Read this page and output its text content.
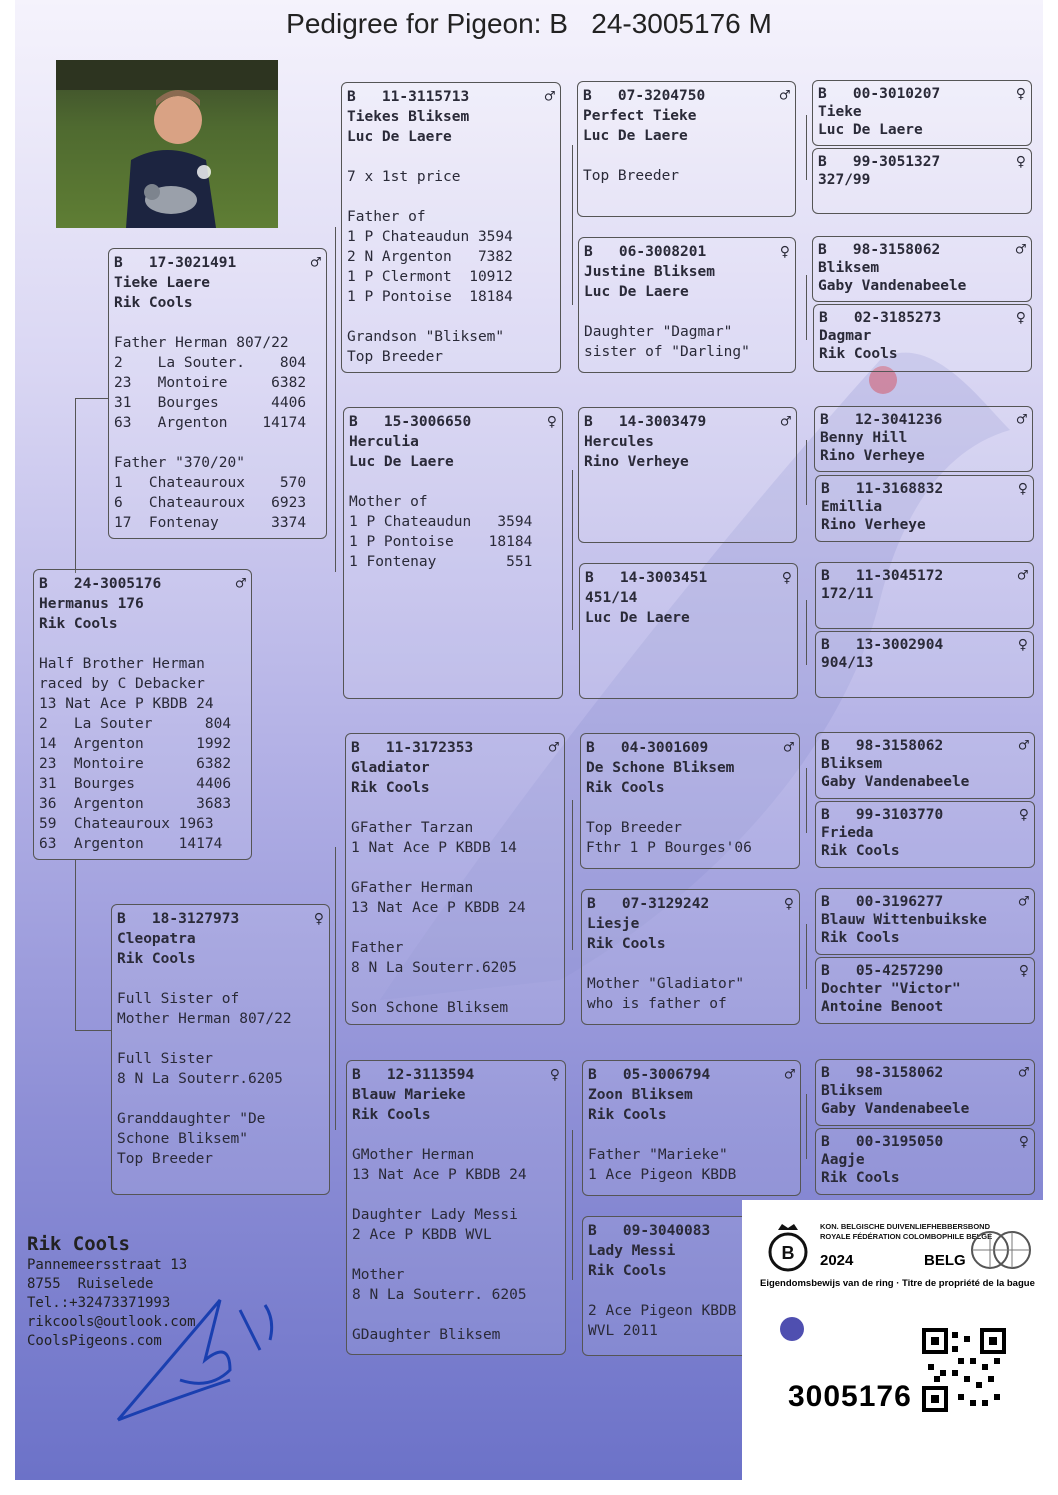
Pedigree for Pigeon: B   24-3005176 M
B   24-3005176	♂
Hermanus 176
Rik Cools
Half Brother Herman
raced by C Debacker
13 Nat Ace P KBDB 24
2   La Souter      804
14  Argenton      1992
23  Montoire      6382
31  Bourges       4406
36  Argenton      3683
59  Chateauroux 1963
63  Argenton    14174
B   17-3021491	♂
Tieke Laere
Rik Cools
Father Herman 807/22
2    La Souter.    804
23   Montoire     6382
31   Bourges      4406
63   Argenton    14174
Father "370/20"
1   Chateauroux    570
6   Chateauroux   6923
17  Fontenay      3374
B   18-3127973	♀
Cleopatra
Rik Cools
Full Sister of
Mother Herman 807/22
Full Sister
8 N La Souterr.6205
Granddaughter "De
Schone Bliksem"
Top Breeder
B   11-3115713	♂
Tiekes Bliksem
Luc De Laere
7 x 1st price
Father of
1 P Chateaudun 3594
2 N Argenton   7382
1 P Clermont  10912
1 P Pontoise  18184
Grandson "Bliksem"
Top Breeder
B   15-3006650	♀
Herculia
Luc De Laere
Mother of
1 P Chateaudun   3594
1 P Pontoise    18184
1 Fontenay        551
B   11-3172353	♂
Gladiator
Rik Cools
GFather Tarzan
1 Nat Ace P KBDB 14
GFather Herman
13 Nat Ace P KBDB 24
Father
8 N La Souterr.6205
Son Schone Bliksem
B   12-3113594	♀
Blauw Marieke
Rik Cools
GMother Herman
13 Nat Ace P KBDB 24
Daughter Lady Messi
2 Ace P KBDB WVL
Mother
8 N La Souterr. 6205
GDaughter Bliksem
B   07-3204750	♂
Perfect Tieke
Luc De Laere
Top Breeder
B   06-3008201	♀
Justine Bliksem
Luc De Laere
Daughter "Dagmar"
sister of "Darling"
B   14-3003479	♂
Hercules
Rino Verheye
B   14-3003451	♀
451/14
Luc De Laere
B   04-3001609	♂
De Schone Bliksem
Rik Cools
Top Breeder
Fthr 1 P Bourges'06
B   07-3129242	♀
Liesje
Rik Cools
Mother "Gladiator"
who is father of
B   05-3006794	♂
Zoon Bliksem
Rik Cools
Father "Marieke"
1 Ace Pigeon KBDB
B   09-3040083
Lady Messi
Rik Cools
2 Ace Pigeon KBDB
WVL 2011
B   00-3010207	♀
Tieke
Luc De Laere
B   99-3051327	♀
327/99
B   98-3158062	♂
Bliksem
Gaby Vandenabeele
B   02-3185273	♀
Dagmar
Rik Cools
B   12-3041236	♂
Benny Hill
Rino Verheye
B   11-3168832	♀
Emillia
Rino Verheye
B   11-3045172	♂
172/11
B   13-3002904	♀
904/13
B   98-3158062	♂
Bliksem
Gaby Vandenabeele
B   99-3103770	♀
Frieda
Rik Cools
B   00-3196277	♂
Blauw Wittenbuikske
Rik Cools
B   05-4257290	♀
Dochter "Victor"
Antoine Benoot
B   98-3158062	♂
Bliksem
Gaby Vandenabeele
B   00-3195050	♀
Aagje
Rik Cools
Rik Cools
Pannemeersstraat 13
8755  Ruiselede
Tel.:+32473371993
rikcools@outlook.com
CoolsPigeons.com
B
KON. BELGISCHE DUIVENLIEFHEBBERSBOND
ROYALE FÉDÉRATION COLOMBOPHILE BELGE
2024	BELG
Eigendomsbewijs van de ring · Titre de propriété de la bague
3005176
